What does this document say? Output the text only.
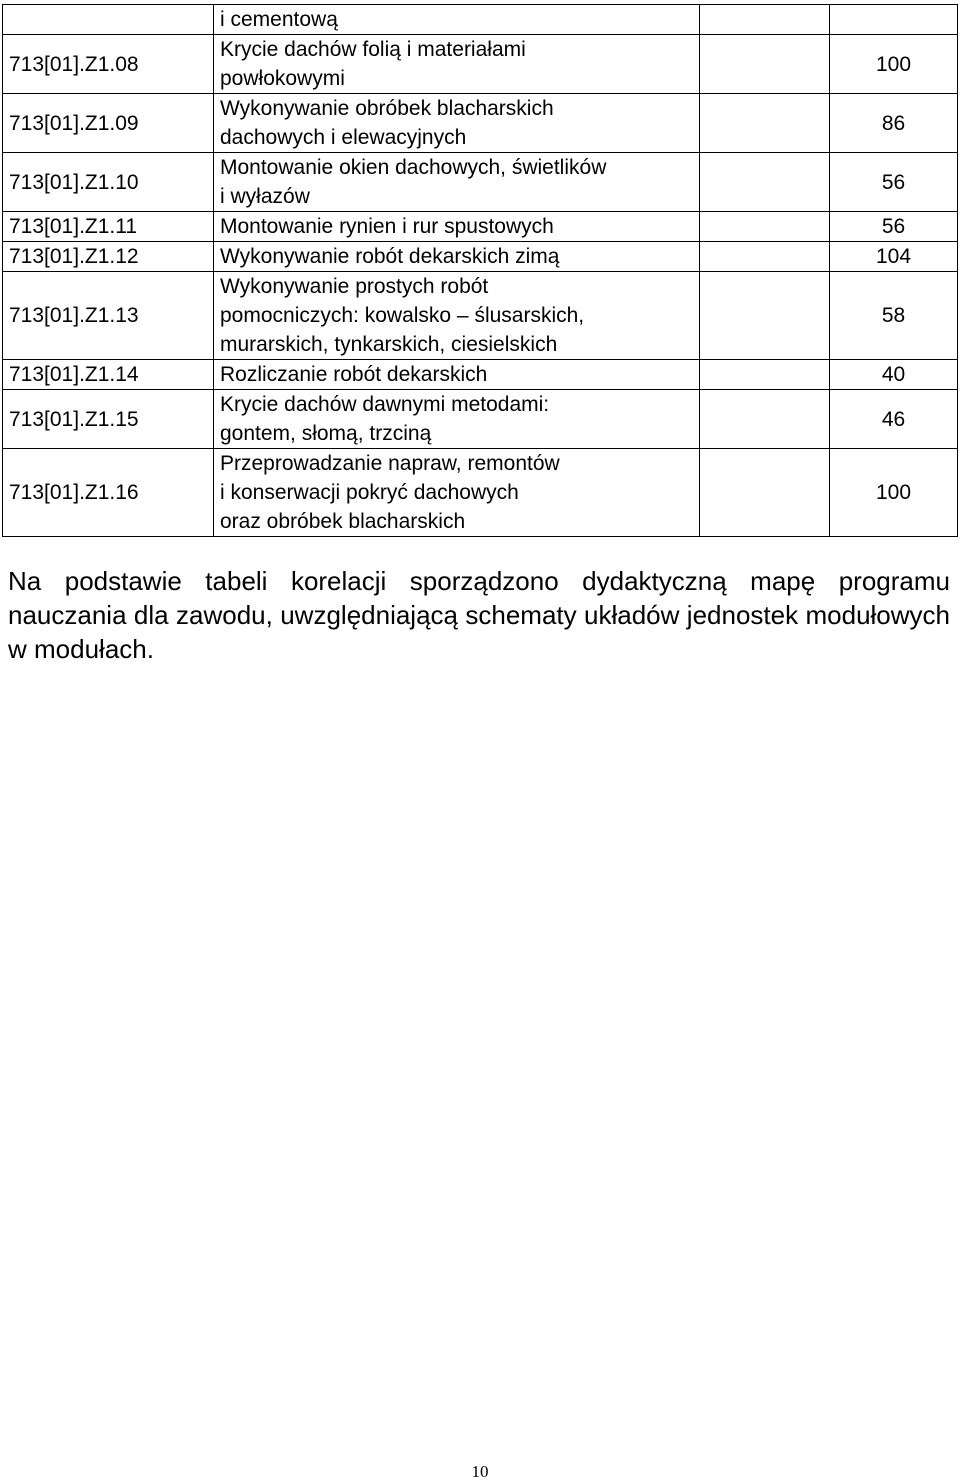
	i cementową		

713[01].Z1.08	Krycie dachów folią i materiałami
powłokowymi		100
713[01].Z1.09	Wykonywanie obróbek blacharskich
dachowych i elewacyjnych		86
713[01].Z1.10	Montowanie okien dachowych, świetlików
i wyłazów		56
713[01].Z1.11	Montowanie rynien i rur spustowych		56
713[01].Z1.12	Wykonywanie robót dekarskich zimą		104
713[01].Z1.13	Wykonywanie prostych robót
pomocniczych: kowalsko – ślusarskich,
murarskich, tynkarskich, ciesielskich		58
713[01].Z1.14	Rozliczanie robót dekarskich		40
713[01].Z1.15	Krycie dachów dawnymi metodami:
gontem, słomą, trzciną		46
713[01].Z1.16	Przeprowadzanie napraw, remontów
i konserwacji pokryć dachowych
oraz obróbek blacharskich		100

Na podstawie tabeli korelacji sporządzono dydaktyczną mapę programu nauczania dla zawodu, uwzględniającą schematy układów jednostek modułowych w modułach.

10
